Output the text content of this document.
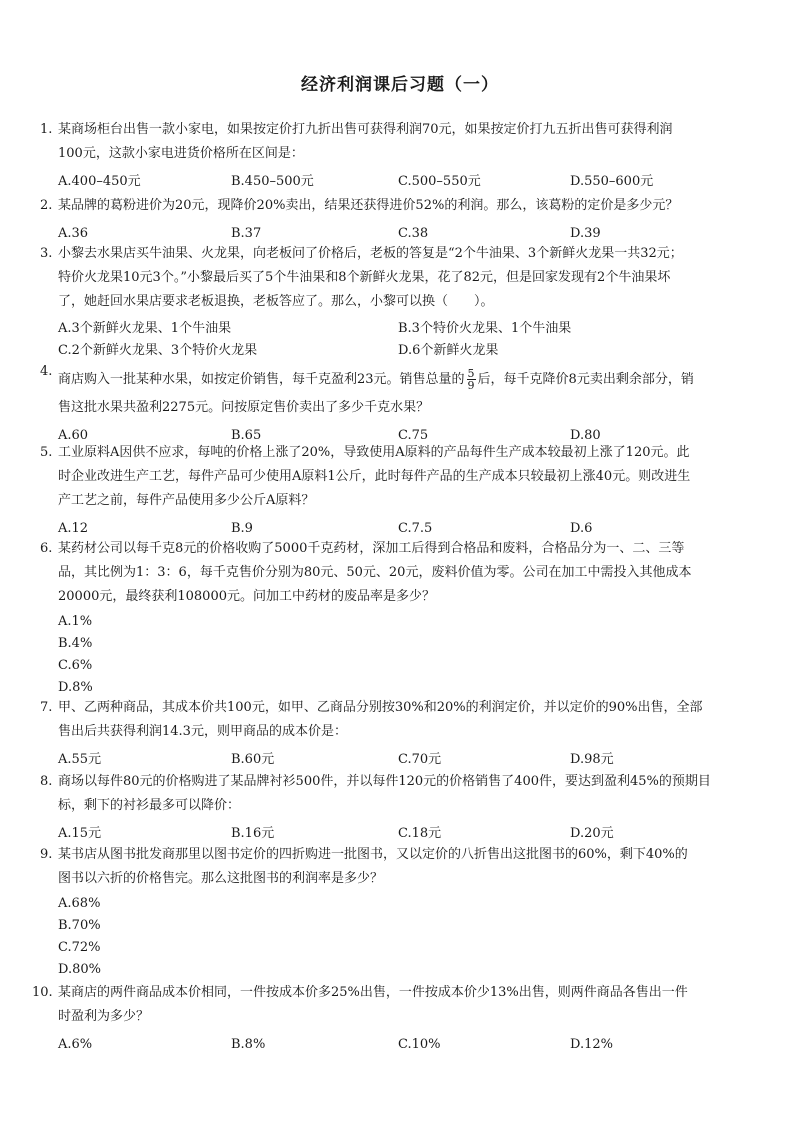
经济利润课后习题（一）
1. 某商场柜台出售一款小家电，如果按定价打九折出售可获得利润70元，如果按定价打九五折出售可获得利润
100元，这款小家电进货价格所在区间是：
A.400–450元	B.450–500元	C.500–550元	D.550–600元
2. 某品牌的葛粉进价为20元，现降价20%卖出，结果还获得进价52%的利润。那么，该葛粉的定价是多少元？
A.36	B.37	C.38	D.39
3. 小黎去水果店买牛油果、火龙果，向老板问了价格后，老板的答复是“2个牛油果、3个新鲜火龙果一共32元；
特价火龙果10元3个。”小黎最后买了5个牛油果和8个新鲜火龙果，花了82元，但是回家发现有2个牛油果坏
了，她赶回水果店要求老板退换，老板答应了。那么，小黎可以换（　　）。
A.3个新鲜火龙果、1个牛油果	B.3个特价火龙果、1个牛油果
C.2个新鲜火龙果、3个特价火龙果	D.6个新鲜火龙果
4.
商店购入一批某种水果，如按定价销售，每千克盈利23元。销售总量的 $\frac{5}{9}$ 后，每千克降价8元卖出剩余部分，销
售这批水果共盈利2275元。问按原定售价卖出了多少千克水果？
A.60	B.65	C.75	D.80
5. 工业原料A因供不应求，每吨的价格上涨了20%，导致使用A原料的产品每件生产成本较最初上涨了120元。此
时企业改进生产工艺，每件产品可少使用A原料1公斤，此时每件产品的生产成本只较最初上涨40元。则改进生
产工艺之前，每件产品使用多少公斤A原料？
A.12	B.9	C.7.5	D.6
6. 某药材公司以每千克8元的价格收购了5000千克药材，深加工后得到合格品和废料，合格品分为一、二、三等
品，其比例为1：3：6，每千克售价分别为80元、50元、20元，废料价值为零。公司在加工中需投入其他成本
20000元，最终获利108000元。问加工中药材的废品率是多少？
A.1%
B.4%
C.6%
D.8%
7. 甲、乙两种商品，其成本价共100元，如甲、乙商品分别按30%和20%的利润定价，并以定价的90%出售，全部
售出后共获得利润14.3元，则甲商品的成本价是：
A.55元	B.60元	C.70元	D.98元
8. 商场以每件80元的价格购进了某品牌衬衫500件，并以每件120元的价格销售了400件，要达到盈利45%的预期目
标，剩下的衬衫最多可以降价：
A.15元	B.16元	C.18元	D.20元
9. 某书店从图书批发商那里以图书定价的四折购进一批图书，又以定价的八折售出这批图书的60%，剩下40%的
图书以六折的价格售完。那么这批图书的利润率是多少？
A.68%
B.70%
C.72%
D.80%
10. 某商店的两件商品成本价相同，一件按成本价多25%出售，一件按成本价少13%出售，则两件商品各售出一件
时盈利为多少？
A.6%	B.8%	C.10%	D.12%
